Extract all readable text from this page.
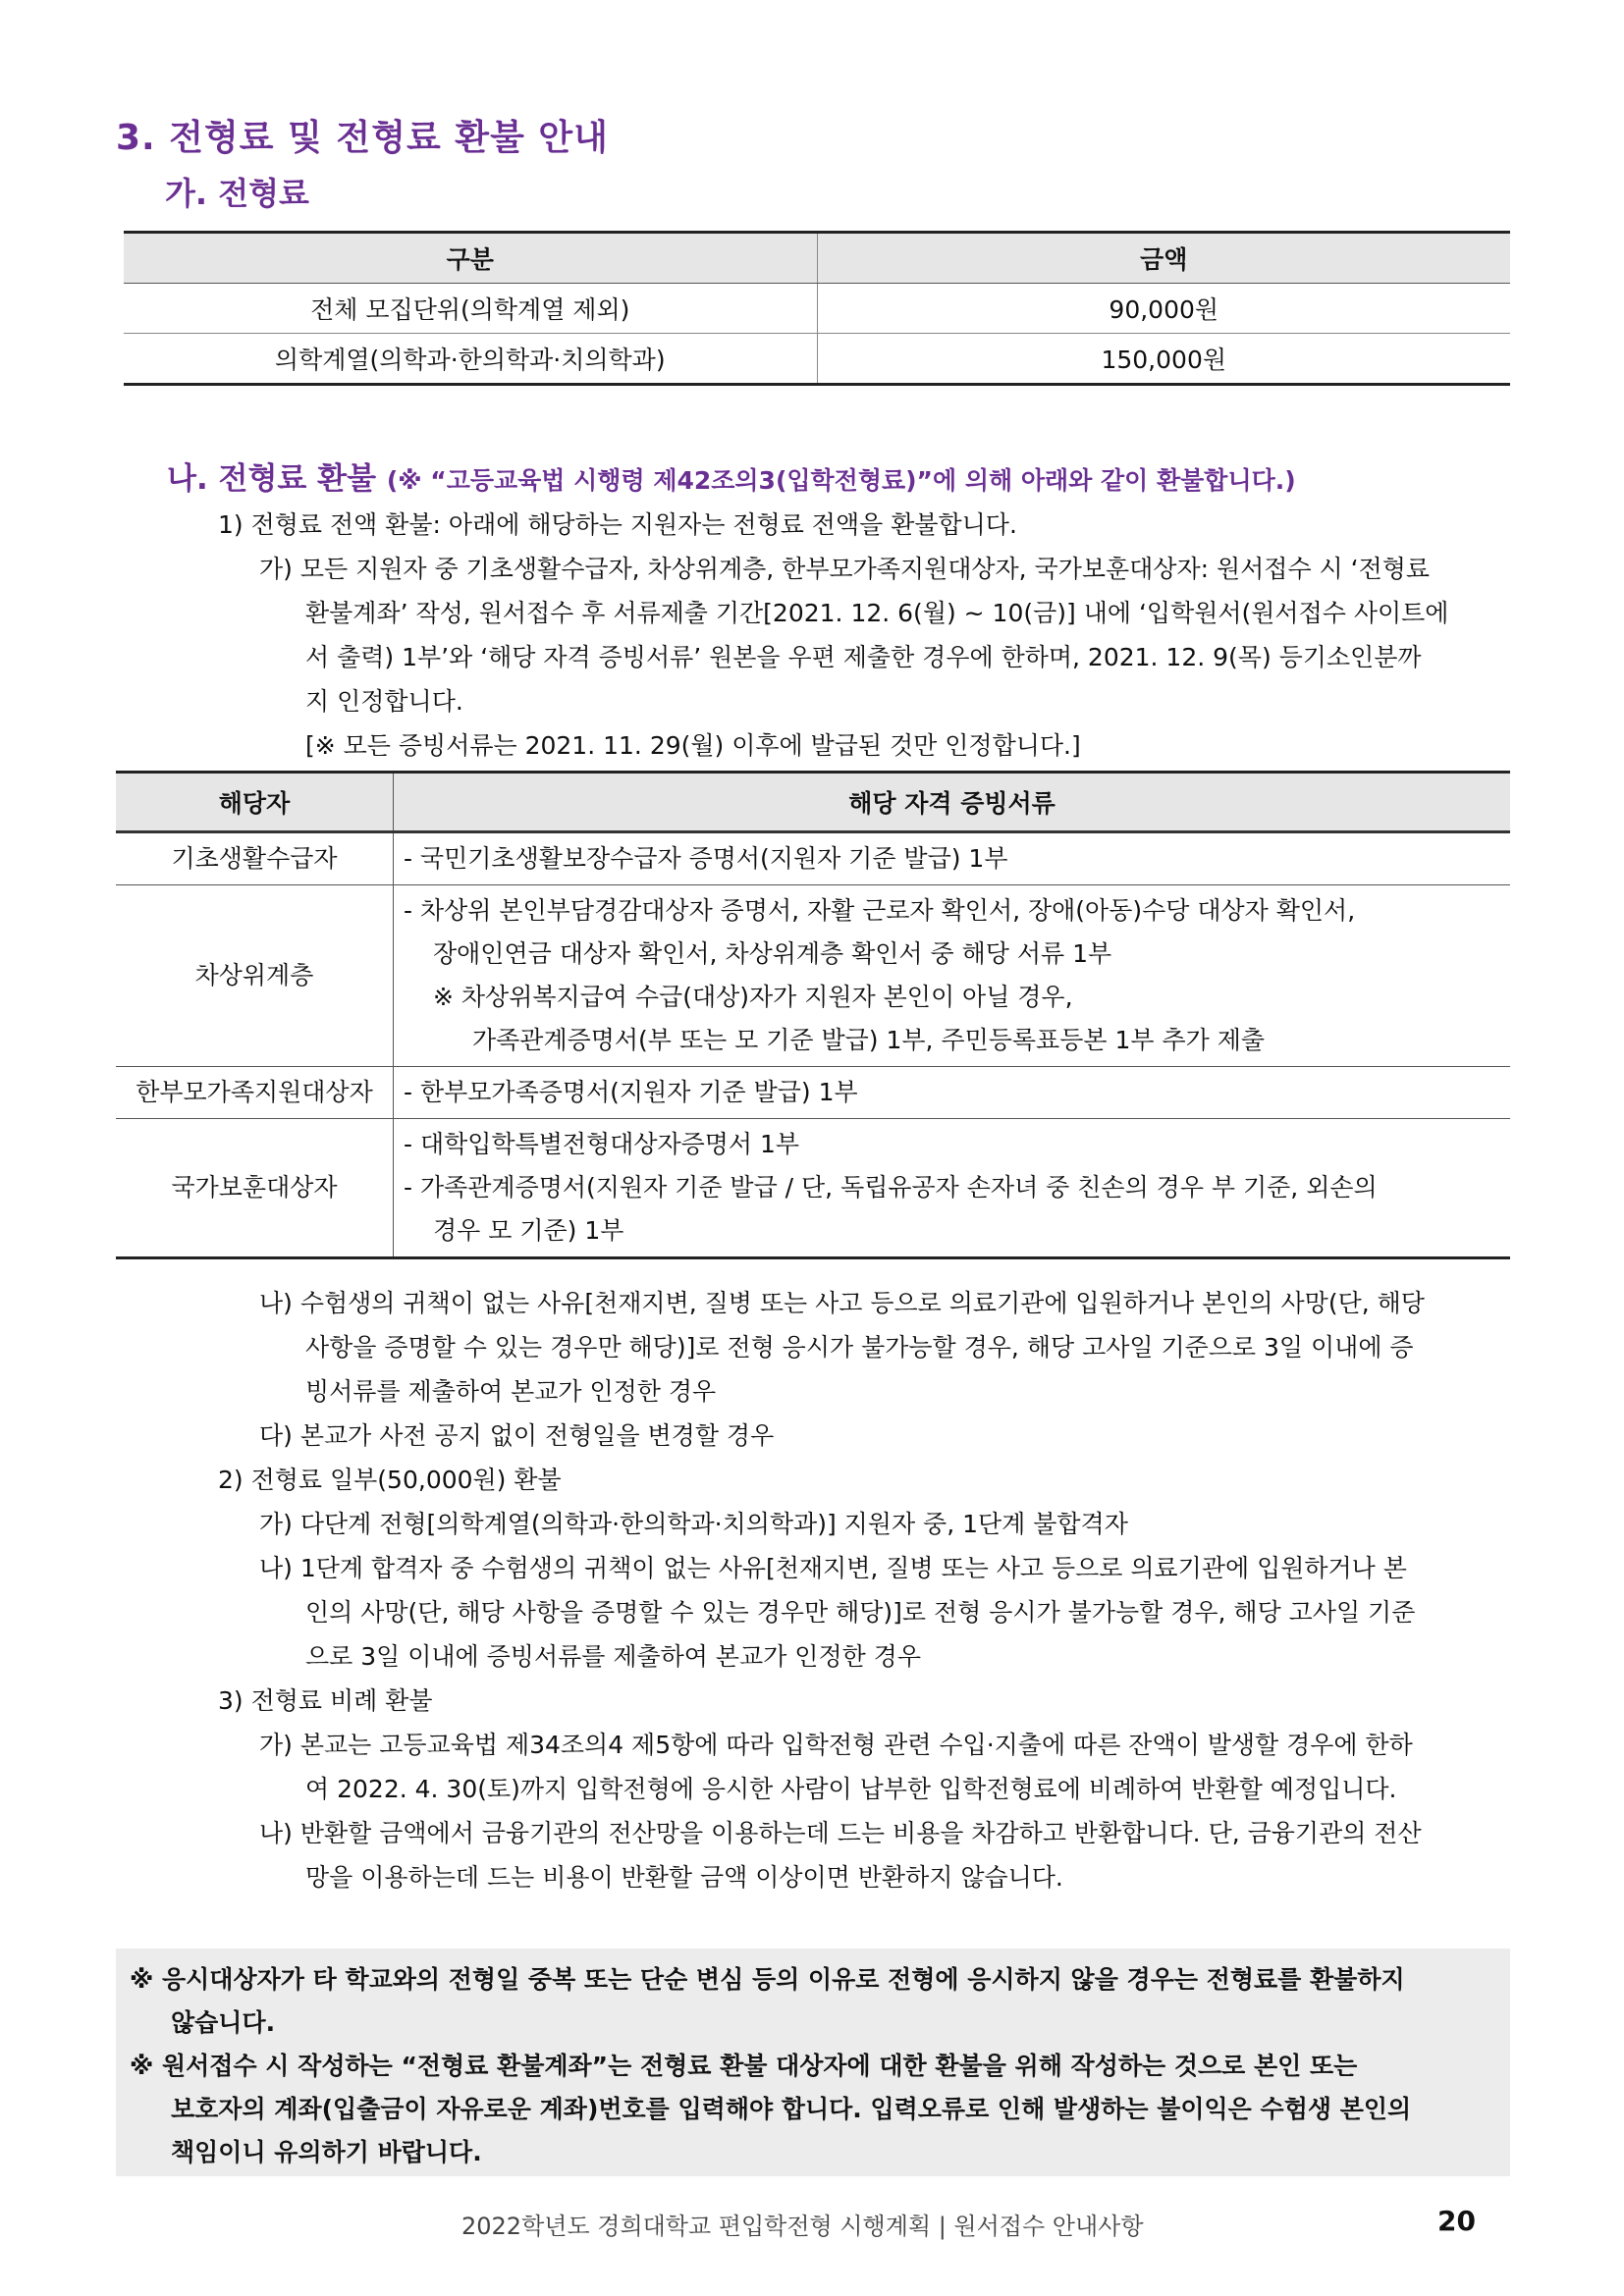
3. 전형료 및 전형료 환불 안내
가. 전형료
구분	금액
전체 모집단위(의학계열 제외)	90,000원
의학계열(의학과·한의학과·치의학과)	150,000원
나. 전형료 환불 (※ “고등교육법 시행령 제42조의3(입학전형료)”에 의해 아래와 같이 환불합니다.)
1) 전형료 전액 환불: 아래에 해당하는 지원자는 전형료 전액을 환불합니다.
가) 모든 지원자 중 기초생활수급자, 차상위계층, 한부모가족지원대상자, 국가보훈대상자: 원서접수 시 ‘전형료
환불계좌’ 작성, 원서접수 후 서류제출 기간[2021. 12. 6(월) ~ 10(금)] 내에 ‘입학원서(원서접수 사이트에
서 출력) 1부’와 ‘해당 자격 증빙서류’ 원본을 우편 제출한 경우에 한하며, 2021. 12. 9(목) 등기소인분까
지 인정합니다.
[※ 모든 증빙서류는 2021. 11. 29(월) 이후에 발급된 것만 인정합니다.]
해당자	해당 자격 증빙서류
기초생활수급자	- 국민기초생활보장수급자 증명서(지원자 기준 발급) 1부

차상위계층	- 차상위 본인부담경감대상자 증명서, 자활 근로자 확인서, 장애(아동)수당 대상자 확인서,
장애인연금 대상자 확인서, 차상위계층 확인서 중 해당 서류 1부
※ 차상위복지급여 수급(대상)자가 지원자 본인이 아닐 경우,
가족관계증명서(부 또는 모 기준 발급) 1부, 주민등록표등본 1부 추가 제출

한부모가족지원대상자	- 한부모가족증명서(지원자 기준 발급) 1부

국가보훈대상자	- 대학입학특별전형대상자증명서 1부
- 가족관계증명서(지원자 기준 발급 / 단, 독립유공자 손자녀 중 친손의 경우 부 기준, 외손의
경우 모 기준) 1부
나) 수험생의 귀책이 없는 사유[천재지변, 질병 또는 사고 등으로 의료기관에 입원하거나 본인의 사망(단, 해당
사항을 증명할 수 있는 경우만 해당)]로 전형 응시가 불가능할 경우, 해당 고사일 기준으로 3일 이내에 증
빙서류를 제출하여 본교가 인정한 경우
다) 본교가 사전 공지 없이 전형일을 변경할 경우
2) 전형료 일부(50,000원) 환불
가) 다단계 전형[의학계열(의학과·한의학과·치의학과)] 지원자 중, 1단계 불합격자
나) 1단계 합격자 중 수험생의 귀책이 없는 사유[천재지변, 질병 또는 사고 등으로 의료기관에 입원하거나 본
인의 사망(단, 해당 사항을 증명할 수 있는 경우만 해당)]로 전형 응시가 불가능할 경우, 해당 고사일 기준
으로 3일 이내에 증빙서류를 제출하여 본교가 인정한 경우
3) 전형료 비례 환불
가) 본교는 고등교육법 제34조의4 제5항에 따라 입학전형 관련 수입·지출에 따른 잔액이 발생할 경우에 한하
여 2022. 4. 30(토)까지 입학전형에 응시한 사람이 납부한 입학전형료에 비례하여 반환할 예정입니다.
나) 반환할 금액에서 금융기관의 전산망을 이용하는데 드는 비용을 차감하고 반환합니다. 단, 금융기관의 전산
망을 이용하는데 드는 비용이 반환할 금액 이상이면 반환하지 않습니다.
※ 응시대상자가 타 학교와의 전형일 중복 또는 단순 변심 등의 이유로 전형에 응시하지 않을 경우는 전형료를 환불하지
않습니다.
※ 원서접수 시 작성하는 “전형료 환불계좌”는 전형료 환불 대상자에 대한 환불을 위해 작성하는 것으로 본인 또는
보호자의 계좌(입출금이 자유로운 계좌)번호를 입력해야 합니다. 입력오류로 인해 발생하는 불이익은 수험생 본인의
책임이니 유의하기 바랍니다.
2022학년도 경희대학교 편입학전형 시행계획 | 원서접수 안내사항	20
